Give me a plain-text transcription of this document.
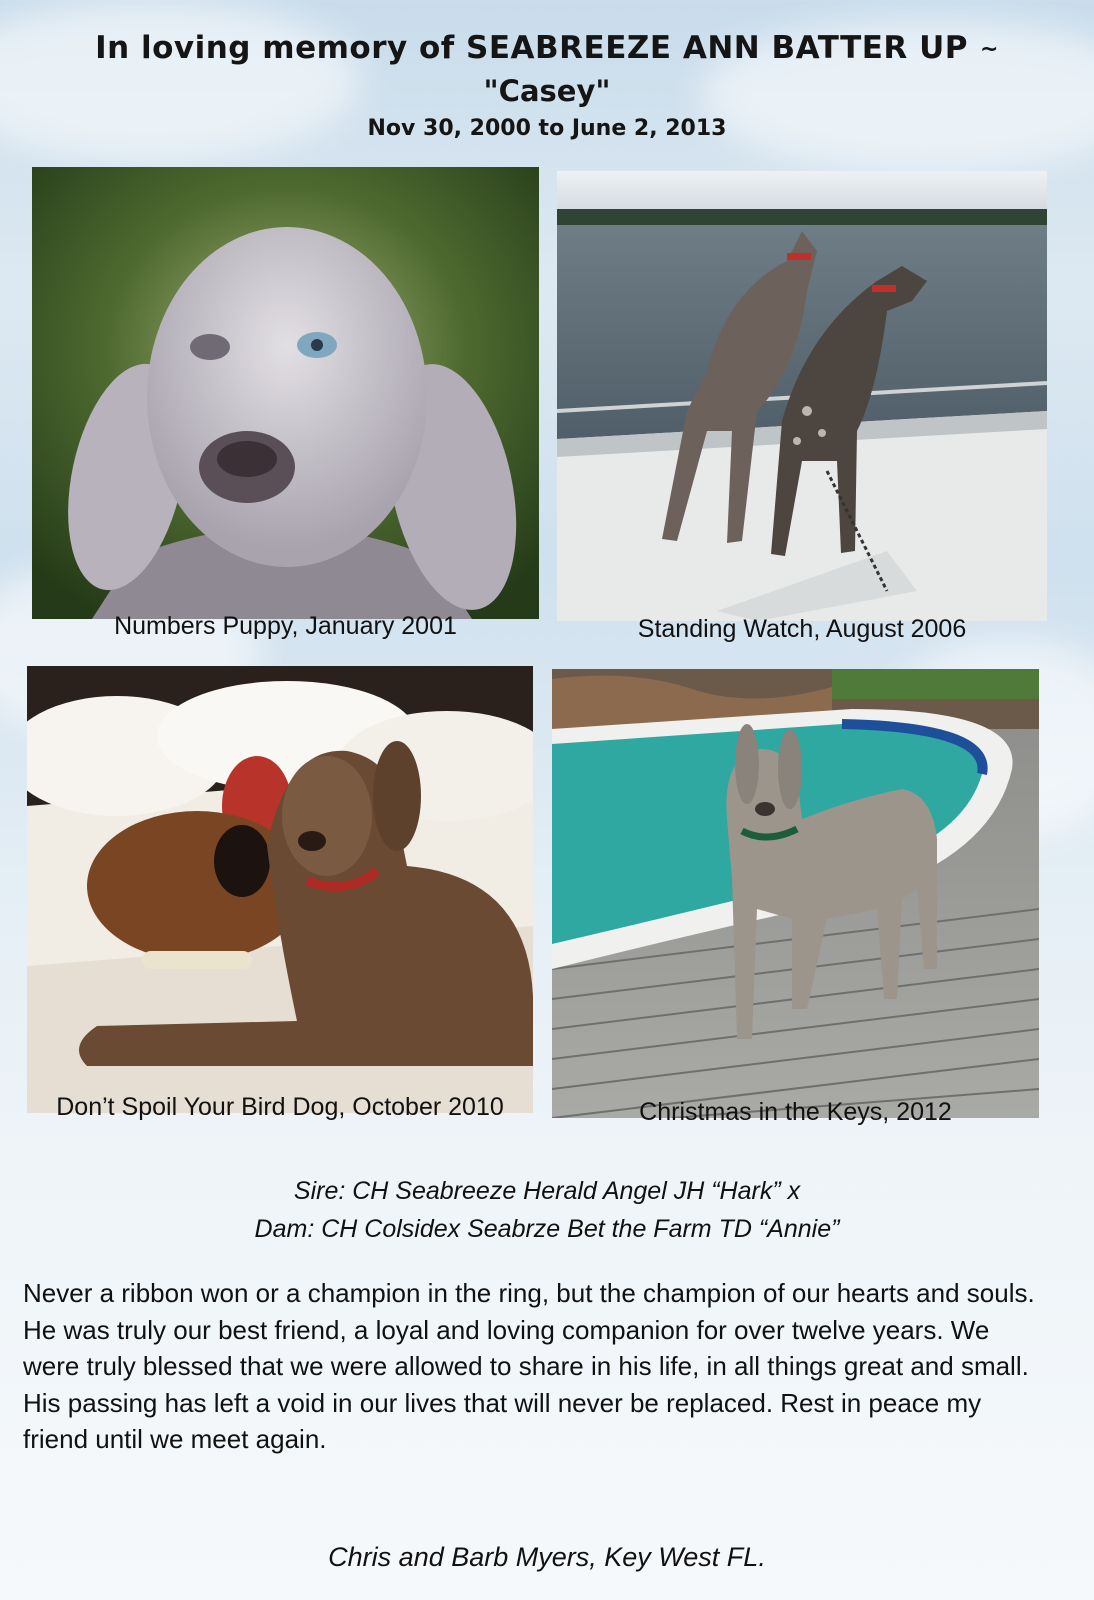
In loving memory of SEABREEZE ANN BATTER UP ~
"Casey"
Nov 30, 2000 to June 2, 2013
Numbers Puppy, January 2001	Standing Watch, August 2006
Don’t Spoil Your Bird Dog, October 2010	Christmas in the Keys, 2012
Sire: CH Seabreeze Herald Angel JH “Hark” x
Dam: CH Colsidex Seabrze Bet the Farm TD “Annie”
Never a ribbon won or a champion in the ring, but the champion of our hearts and souls. He was truly our best friend, a loyal and loving companion for over twelve years. We were truly blessed that we were allowed to share in his life, in all things great and small. His passing has left a void in our lives that will never be replaced. Rest in peace my friend until we meet again.
Chris and Barb Myers, Key West FL.
